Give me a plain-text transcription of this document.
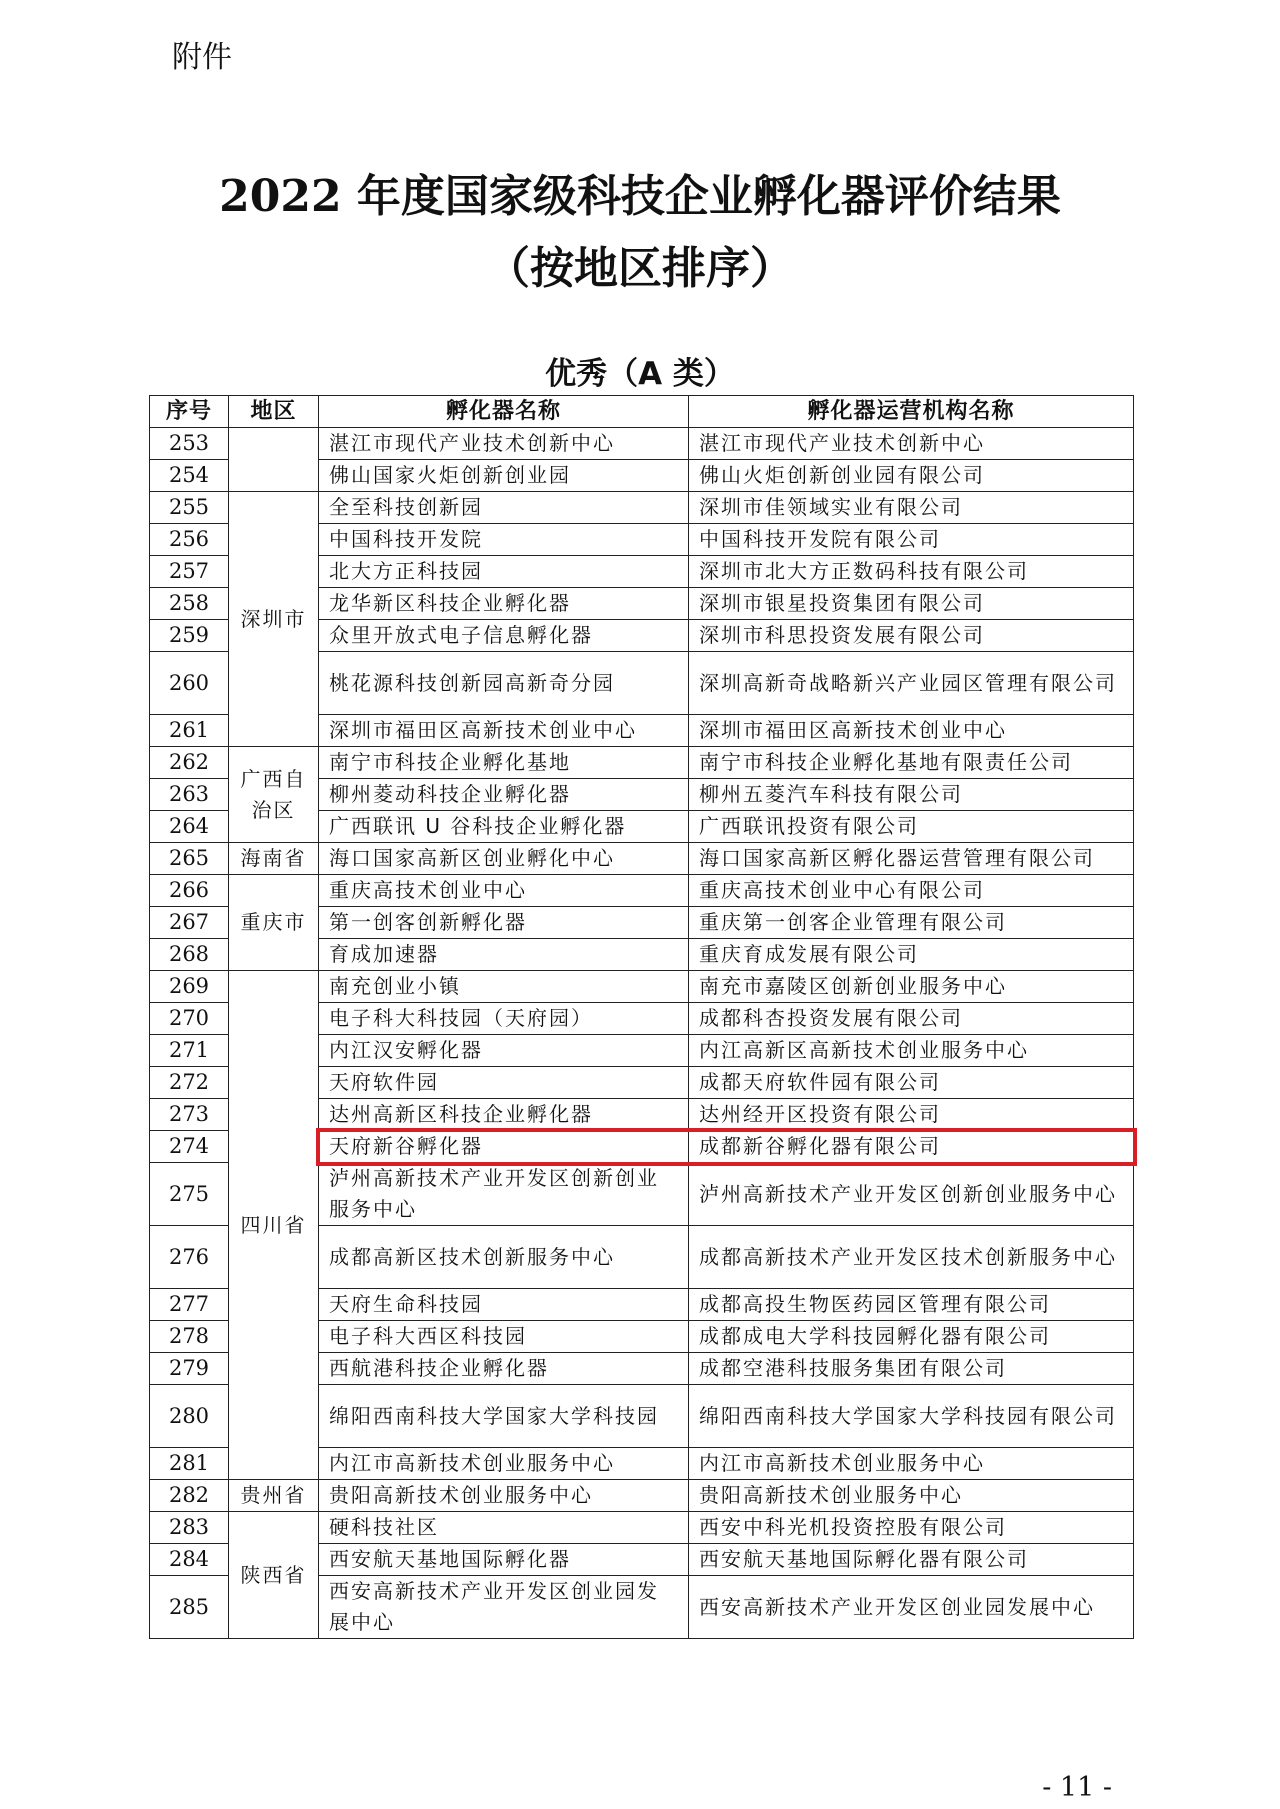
附件
2022 年度国家级科技企业孵化器评价结果
（按地区排序）
优秀（A 类）
序号	地区	孵化器名称	孵化器运营机构名称
253		湛江市现代产业技术创新中心	湛江市现代产业技术创新中心
254		佛山国家火炬创新创业园	佛山火炬创新创业园有限公司
255	深圳市	全至科技创新园	深圳市佳领域实业有限公司
256		中国科技开发院	中国科技开发院有限公司
257		北大方正科技园	深圳市北大方正数码科技有限公司
258		龙华新区科技企业孵化器	深圳市银星投资集团有限公司
259		众里开放式电子信息孵化器	深圳市科思投资发展有限公司
260		桃花源科技创新园高新奇分园	深圳高新奇战略新兴产业园区管理有限公司
261		深圳市福田区高新技术创业中心	深圳市福田区高新技术创业中心
262	广西自治区	南宁市科技企业孵化基地	南宁市科技企业孵化基地有限责任公司
263		柳州菱动科技企业孵化器	柳州五菱汽车科技有限公司
264		广西联讯 U 谷科技企业孵化器	广西联讯投资有限公司
265	海南省	海口国家高新区创业孵化中心	海口国家高新区孵化器运营管理有限公司
266	重庆市	重庆高技术创业中心	重庆高技术创业中心有限公司
267		第一创客创新孵化器	重庆第一创客企业管理有限公司
268		育成加速器	重庆育成发展有限公司
269	四川省	南充创业小镇	南充市嘉陵区创新创业服务中心
270		电子科大科技园（天府园）	成都科杏投资发展有限公司
271		内江汉安孵化器	内江高新区高新技术创业服务中心
272		天府软件园	成都天府软件园有限公司
273		达州高新区科技企业孵化器	达州经开区投资有限公司
274		天府新谷孵化器	成都新谷孵化器有限公司
275		泸州高新技术产业开发区创新创业服务中心	泸州高新技术产业开发区创新创业服务中心
276		成都高新区技术创新服务中心	成都高新技术产业开发区技术创新服务中心
277		天府生命科技园	成都高投生物医药园区管理有限公司
278		电子科大西区科技园	成都成电大学科技园孵化器有限公司
279		西航港科技企业孵化器	成都空港科技服务集团有限公司
280		绵阳西南科技大学国家大学科技园	绵阳西南科技大学国家大学科技园有限公司
281		内江市高新技术创业服务中心	内江市高新技术创业服务中心
282	贵州省	贵阳高新技术创业服务中心	贵阳高新技术创业服务中心
283	陕西省	硬科技社区	西安中科光机投资控股有限公司
284		西安航天基地国际孵化器	西安航天基地国际孵化器有限公司
285		西安高新技术产业开发区创业园发展中心	西安高新技术产业开发区创业园发展中心
- 11 -
